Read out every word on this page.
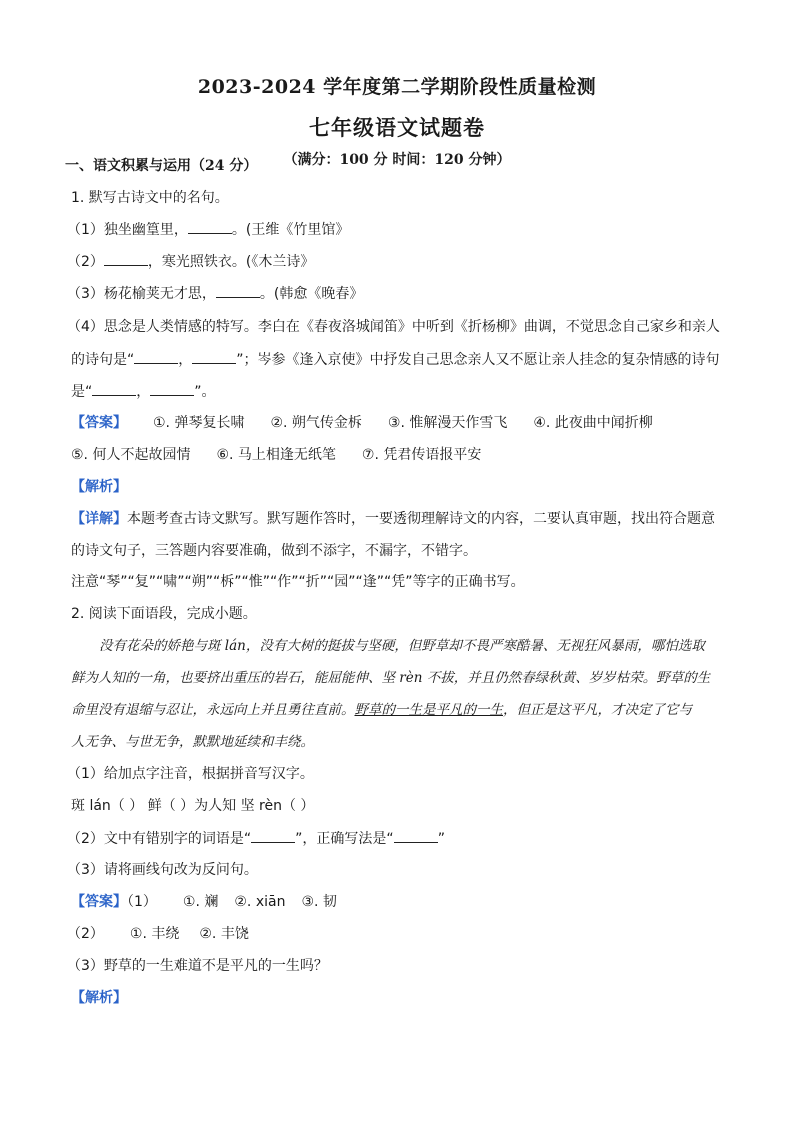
2023-2024 学年度第二学期阶段性质量检测
七年级语文试题卷
（满分：100 分 时间：120 分钟）
一、语文积累与运用（24 分）
1. 默写古诗文中的名句。
（1）独坐幽篁里，	。(王维《竹里馆》
（2）	，寒光照铁衣。(《木兰诗》
（3）杨花榆荚无才思，	。(韩愈《晚春》
（4）思念是人类情感的特写。李白在《春夜洛城闻笛》中听到《折杨柳》曲调，不觉思念自己家乡和亲人
的诗句是“	，	”；岑参《逢入京使》中抒发自己思念亲人又不愿让亲人挂念的复杂情感的诗句
是“	，	”。
【答案】 ①. 弹琴复长啸 ②. 朔气传金柝 ③. 惟解漫天作雪飞 ④. 此夜曲中闻折柳
⑤. 何人不起故园情 ⑥. 马上相逢无纸笔 ⑦. 凭君传语报平安
【解析】
【详解】本题考查古诗文默写。默写题作答时，一要透彻理解诗文的内容，二要认真审题，找出符合题意
的诗文句子，三答题内容要准确，做到不添字，不漏字，不错字。
注意“琴”“复”“啸”“朔”“柝”“惟”“作”“折”“园”“逢”“凭”等字的正确书写。
2. 阅读下面语段，完成小题。
没有花朵的娇艳与斑 lán，没有大树的挺拔与坚硬，但野草却不畏严寒酷暑、无视狂风暴雨，哪怕选取
鲜为人知的一角，也要挤出重压的岩石，能屈能伸、坚 rèn 不拔，并且仍然春绿秋黄、岁岁枯荣。野草的生
命里没有退缩与忍让，永远向上并且勇往直前。野草的一生是平凡的一生，但正是这平凡，才决定了它与
人无争、与世无争，默默地延续和丰绕。
（1）给加点字注音，根据拼音写汉字。
斑 lán（ ） 鲜（ ）为人知 坚 rèn（ ）
（2）文中有错别字的词语是“	”，正确写法是“	”
（3）请将画线句改为反问句。
【答案】（1） ①. 斓 ②. xiān ③. 韧
（2） ①. 丰绕 ②. 丰饶
（3）野草的一生难道不是平凡的一生吗？
【解析】
